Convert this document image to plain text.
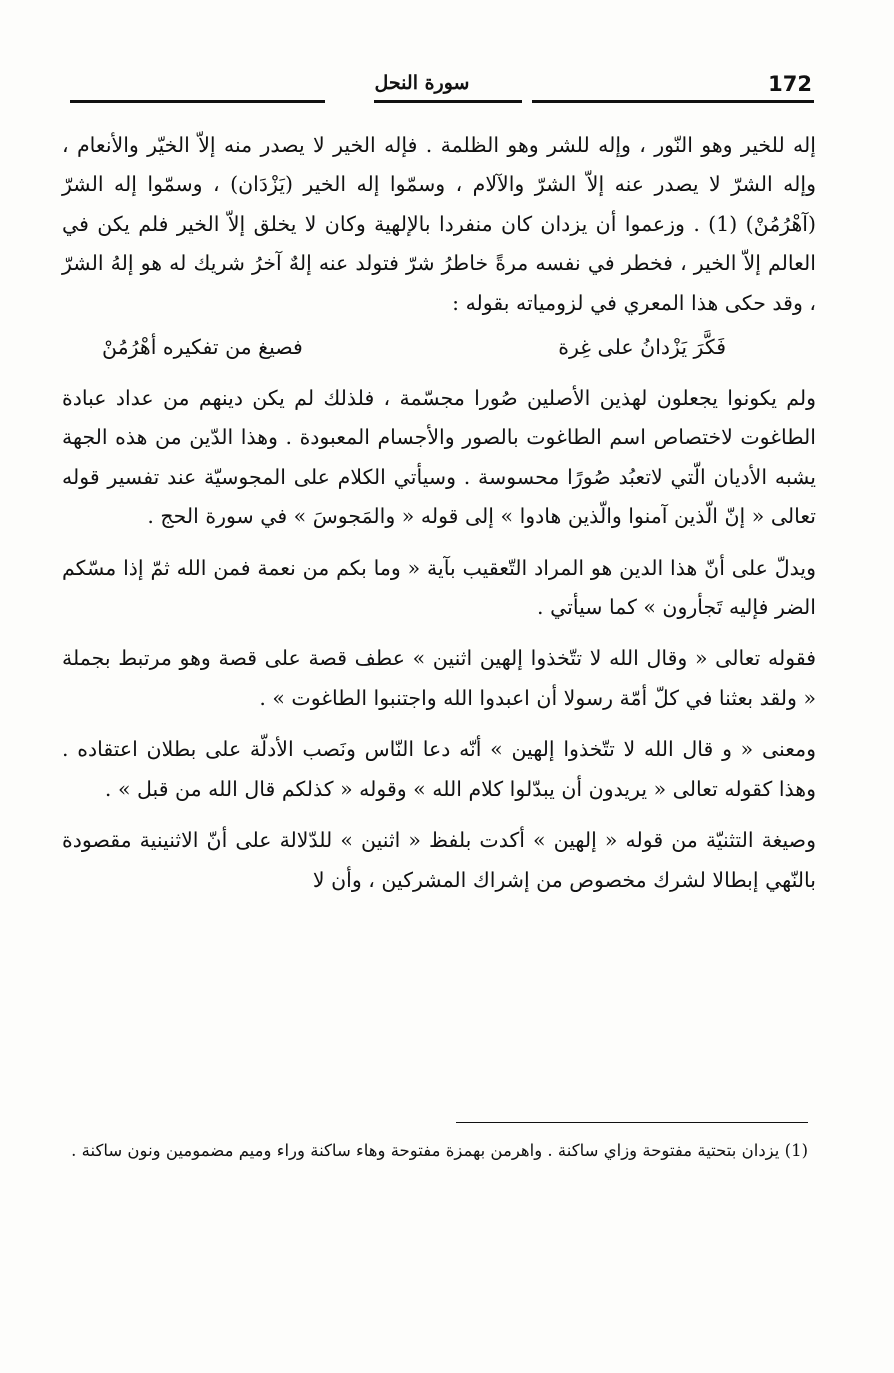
سورة النحل	172

إله للخير وهو النّور ، وإله للشر وهو الظلمة . فإله الخير لا يصدر منه إلاّ الخيّر والأنعام ، وإله الشرّ لا يصدر عنه إلاّ الشرّ والآلام ، وسمّوا إله الخير (يَزْدَان) ، وسمّوا إله الشرّ (آهْرُمُنْ) (1) . وزعموا أن يزدان كان منفردا بالإلهية وكان لا يخلق إلاّ الخير فلم يكن في العالم إلاّ الخير ، فخطر في نفسه مرةً خاطرُ شرّ فتولد عنه إلهٌ آخرُ شريك له هو إلهُ الشرّ ، وقد حكى هذا المعري في لزومياته بقوله :

فَكَّرَ يَزْدانُ على غِرة
فصيغ من تفكيره أهْرُمُنْ

ولم يكونوا يجعلون لهذين الأصلين صُورا مجسّمة ، فلذلك لم يكن دينهم من عداد عبادة الطاغوت لاختصاص اسم الطاغوت بالصور والأجسام المعبودة . وهذا الدّين من هذه الجهة يشبه الأديان الّتي لاتعبُد صُورًا محسوسة . وسيأتي الكلام على المجوسيّة عند تفسير قوله تعالى « إنّ الّذين آمنوا والّذين هادوا » إلى قوله « والمَجوسَ » في سورة الحج .

ويدلّ على أنّ هذا الدين هو المراد التّعقيب بآية « وما بكم من نعمة فمن الله ثمّ إذا مسّكم الضر فإليه تَجأرون » كما سيأتي .

فقوله تعالى « وقال الله لا تتّخذوا إلهين اثنين » عطف قصة على قصة وهو مرتبط بجملة « ولقد بعثنا في كلّ أمّة رسولا أن اعبدوا الله واجتنبوا الطاغوت » .

ومعنى « و قال الله لا تتّخذوا إلهين » أنّه دعا النّاس ونَصب الأدلّة على بطلان اعتقاده . وهذا كقوله تعالى « يريدون أن يبدّلوا كلام الله » وقوله « كذلكم قال الله من قبل » .

وصيغة التثنيّة من قوله « إلهين » أكدت بلفظ « اثنين » للدّلالة على أنّ الاثنينية مقصودة بالنّهي إبطالا لشرك مخصوص من إشراك المشركين ، وأن لا

(1) يزدان بتحتية مفتوحة وزاي ساكنة . واهرمن بهمزة مفتوحة وهاء ساكنة وراء وميم مضمومين ونون ساكنة .
